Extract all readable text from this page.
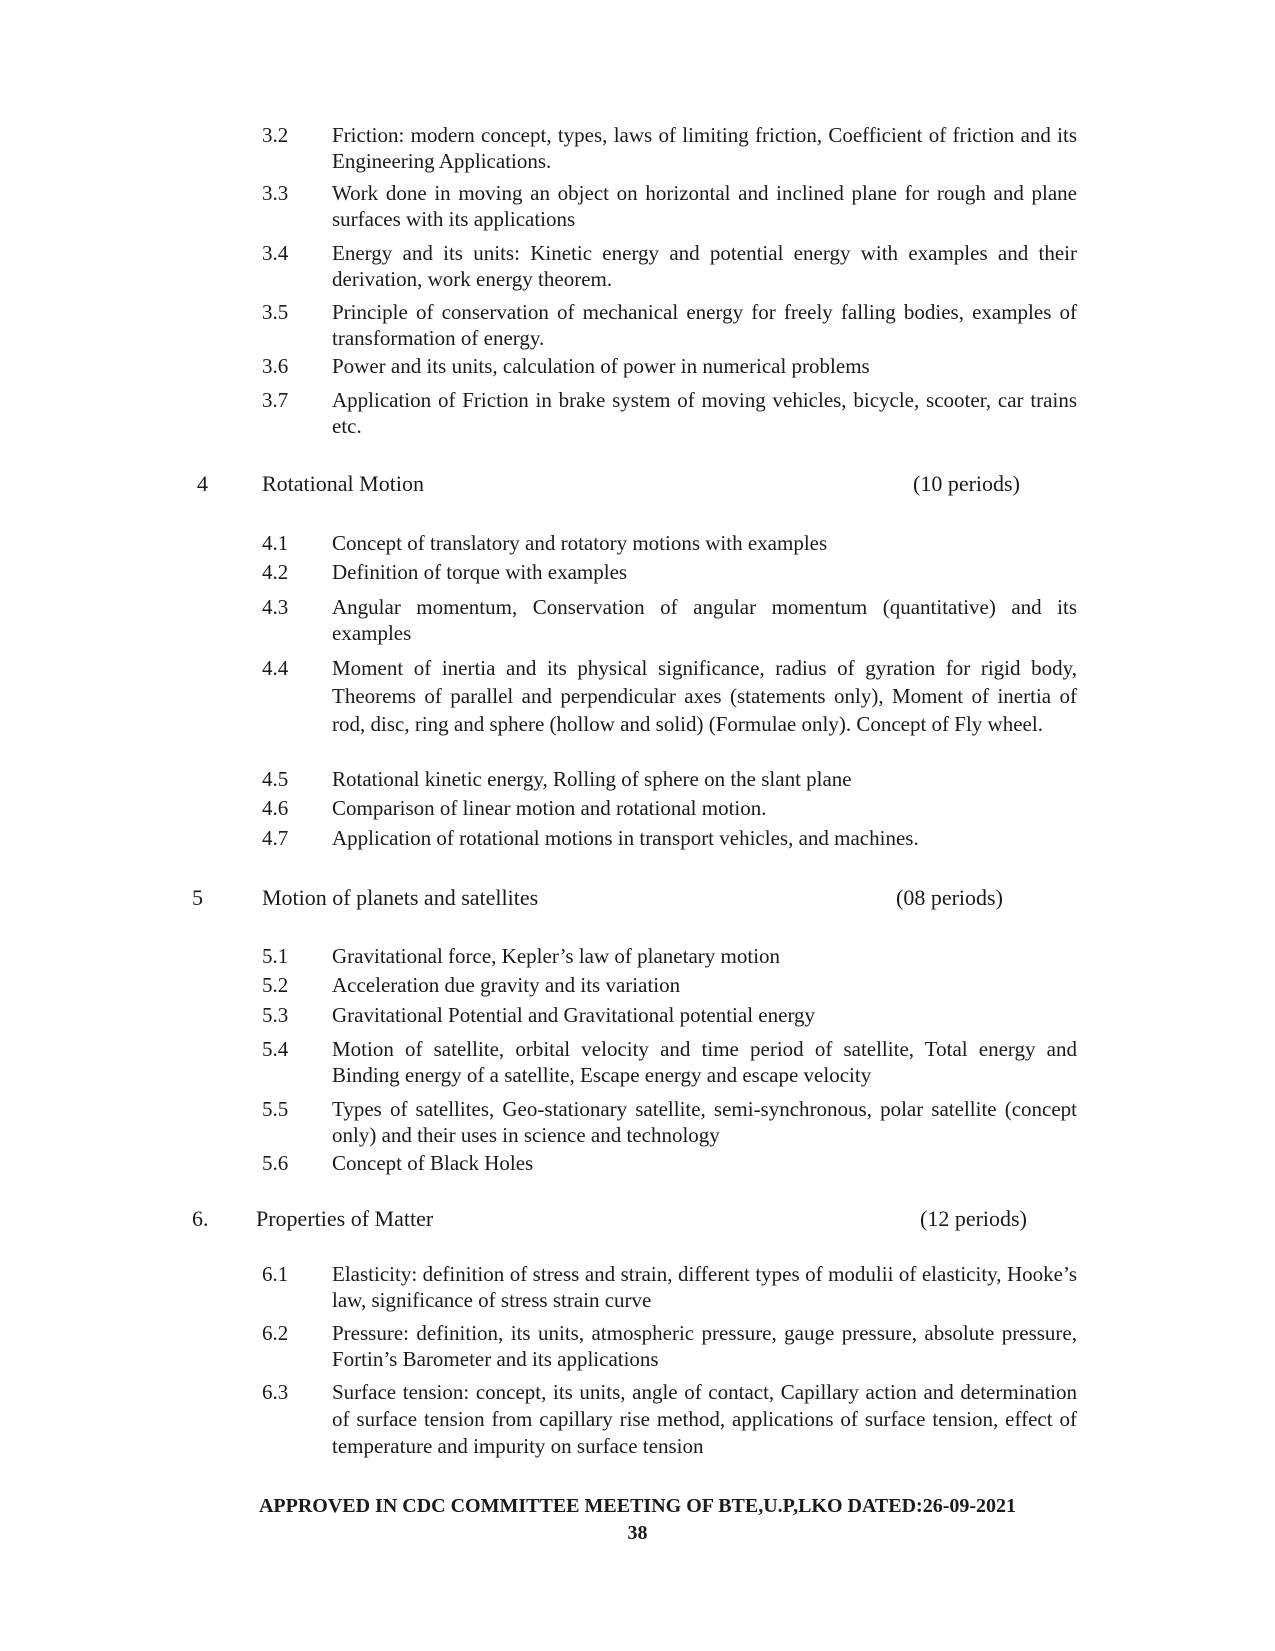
3.2	Friction: modern concept, types, laws of limiting friction, Coefficient of friction and its Engineering Applications.
3.3	Work done in moving an object on horizontal and inclined plane for rough and plane surfaces with its applications
3.4	Energy and its units: Kinetic energy and potential energy with examples and their derivation, work energy theorem.
3.5	Principle of conservation of mechanical energy for freely falling bodies, examples of transformation of energy.
3.6	Power and its units, calculation of power in numerical problems
3.7	Application of Friction in brake system of moving vehicles, bicycle, scooter, car trains etc.
4 Rotational Motion	(10 periods)
4.1	Concept of translatory and rotatory motions with examples
4.2	Definition of torque with examples
4.3	Angular momentum, Conservation of angular momentum (quantitative) and its examples
4.4	Moment of inertia and its physical significance, radius of gyration for rigid body, Theorems of parallel and perpendicular axes (statements only), Moment of inertia of rod, disc, ring and sphere (hollow and solid) (Formulae only). Concept of Fly wheel.
4.5	Rotational kinetic energy, Rolling of sphere on the slant plane
4.6	Comparison of linear motion and rotational motion.
4.7	Application of rotational motions in transport vehicles, and machines.
5	Motion of planets and satellites	(08 periods)
5.1	Gravitational force, Kepler’s law of planetary motion
5.2	Acceleration due gravity and its variation
5.3	Gravitational Potential and Gravitational potential energy
5.4	Motion of satellite, orbital velocity and time period of satellite, Total energy and Binding energy of a satellite, Escape energy and escape velocity
5.5	Types of satellites, Geo-stationary satellite, semi-synchronous, polar satellite (concept only) and their uses in science and technology
5.6	Concept of Black Holes
6. Properties of Matter	(12 periods)
6.1	Elasticity: definition of stress and strain, different types of modulii of elasticity, Hooke’s law, significance of stress strain curve
6.2	Pressure: definition, its units, atmospheric pressure, gauge pressure, absolute pressure, Fortin’s Barometer and its applications
6.3	Surface tension: concept, its units, angle of contact, Capillary action and determination of surface tension from capillary rise method, applications of surface tension, effect of temperature and impurity on surface tension
APPROVED IN CDC COMMITTEE MEETING OF BTE,U.P,LKO DATED:26-09-2021
38
